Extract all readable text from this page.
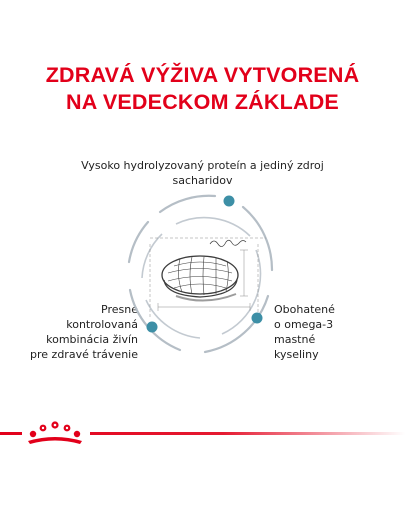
ZDRAVÁ VÝŽIVA VYTVORENÁ
NA VEDECKOM ZÁKLADE
Vysoko hydrolyzovaný proteín a jediný zdroj
sacharidov
Presne
kontrolovaná
kombinácia živín
pre zdravé trávenie
Obohatené
o omega-3
mastné
kyseliny
